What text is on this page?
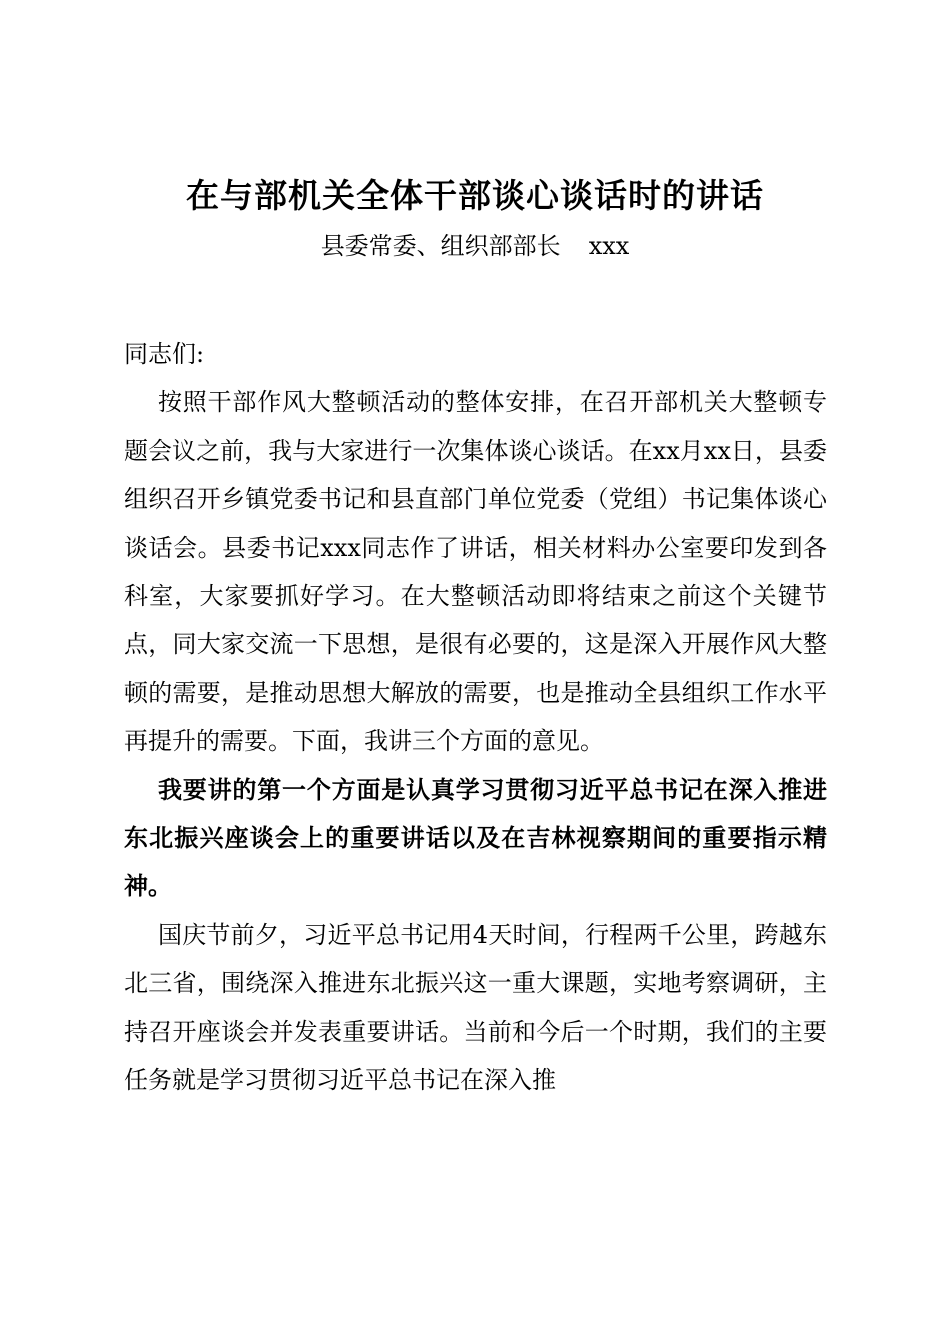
在与部机关全体干部谈心谈话时的讲话
县委常委、组织部部长 xxx

同志们:

按照干部作风大整顿活动的整体安排，在召开部机关大整顿专题会议之前，我与大家进行一次集体谈心谈话。在xx月xx日，县委组织召开乡镇党委书记和县直部门单位党委（党组）书记集体谈心谈话会。县委书记xxx同志作了讲话，相关材料办公室要印发到各科室，大家要抓好学习。在大整顿活动即将结束之前这个关键节点，同大家交流一下思想，是很有必要的，这是深入开展作风大整顿的需要，是推动思想大解放的需要，也是推动全县组织工作水平再提升的需要。下面，我讲三个方面的意见。

我要讲的第一个方面是认真学习贯彻习近平总书记在深入推进东北振兴座谈会上的重要讲话以及在吉林视察期间的重要指示精神。

国庆节前夕，习近平总书记用4天时间，行程两千公里，跨越东北三省，围绕深入推进东北振兴这一重大课题，实地考察调研，主持召开座谈会并发表重要讲话。当前和今后一个时期，我们的主要任务就是学习贯彻习近平总书记在深入推
